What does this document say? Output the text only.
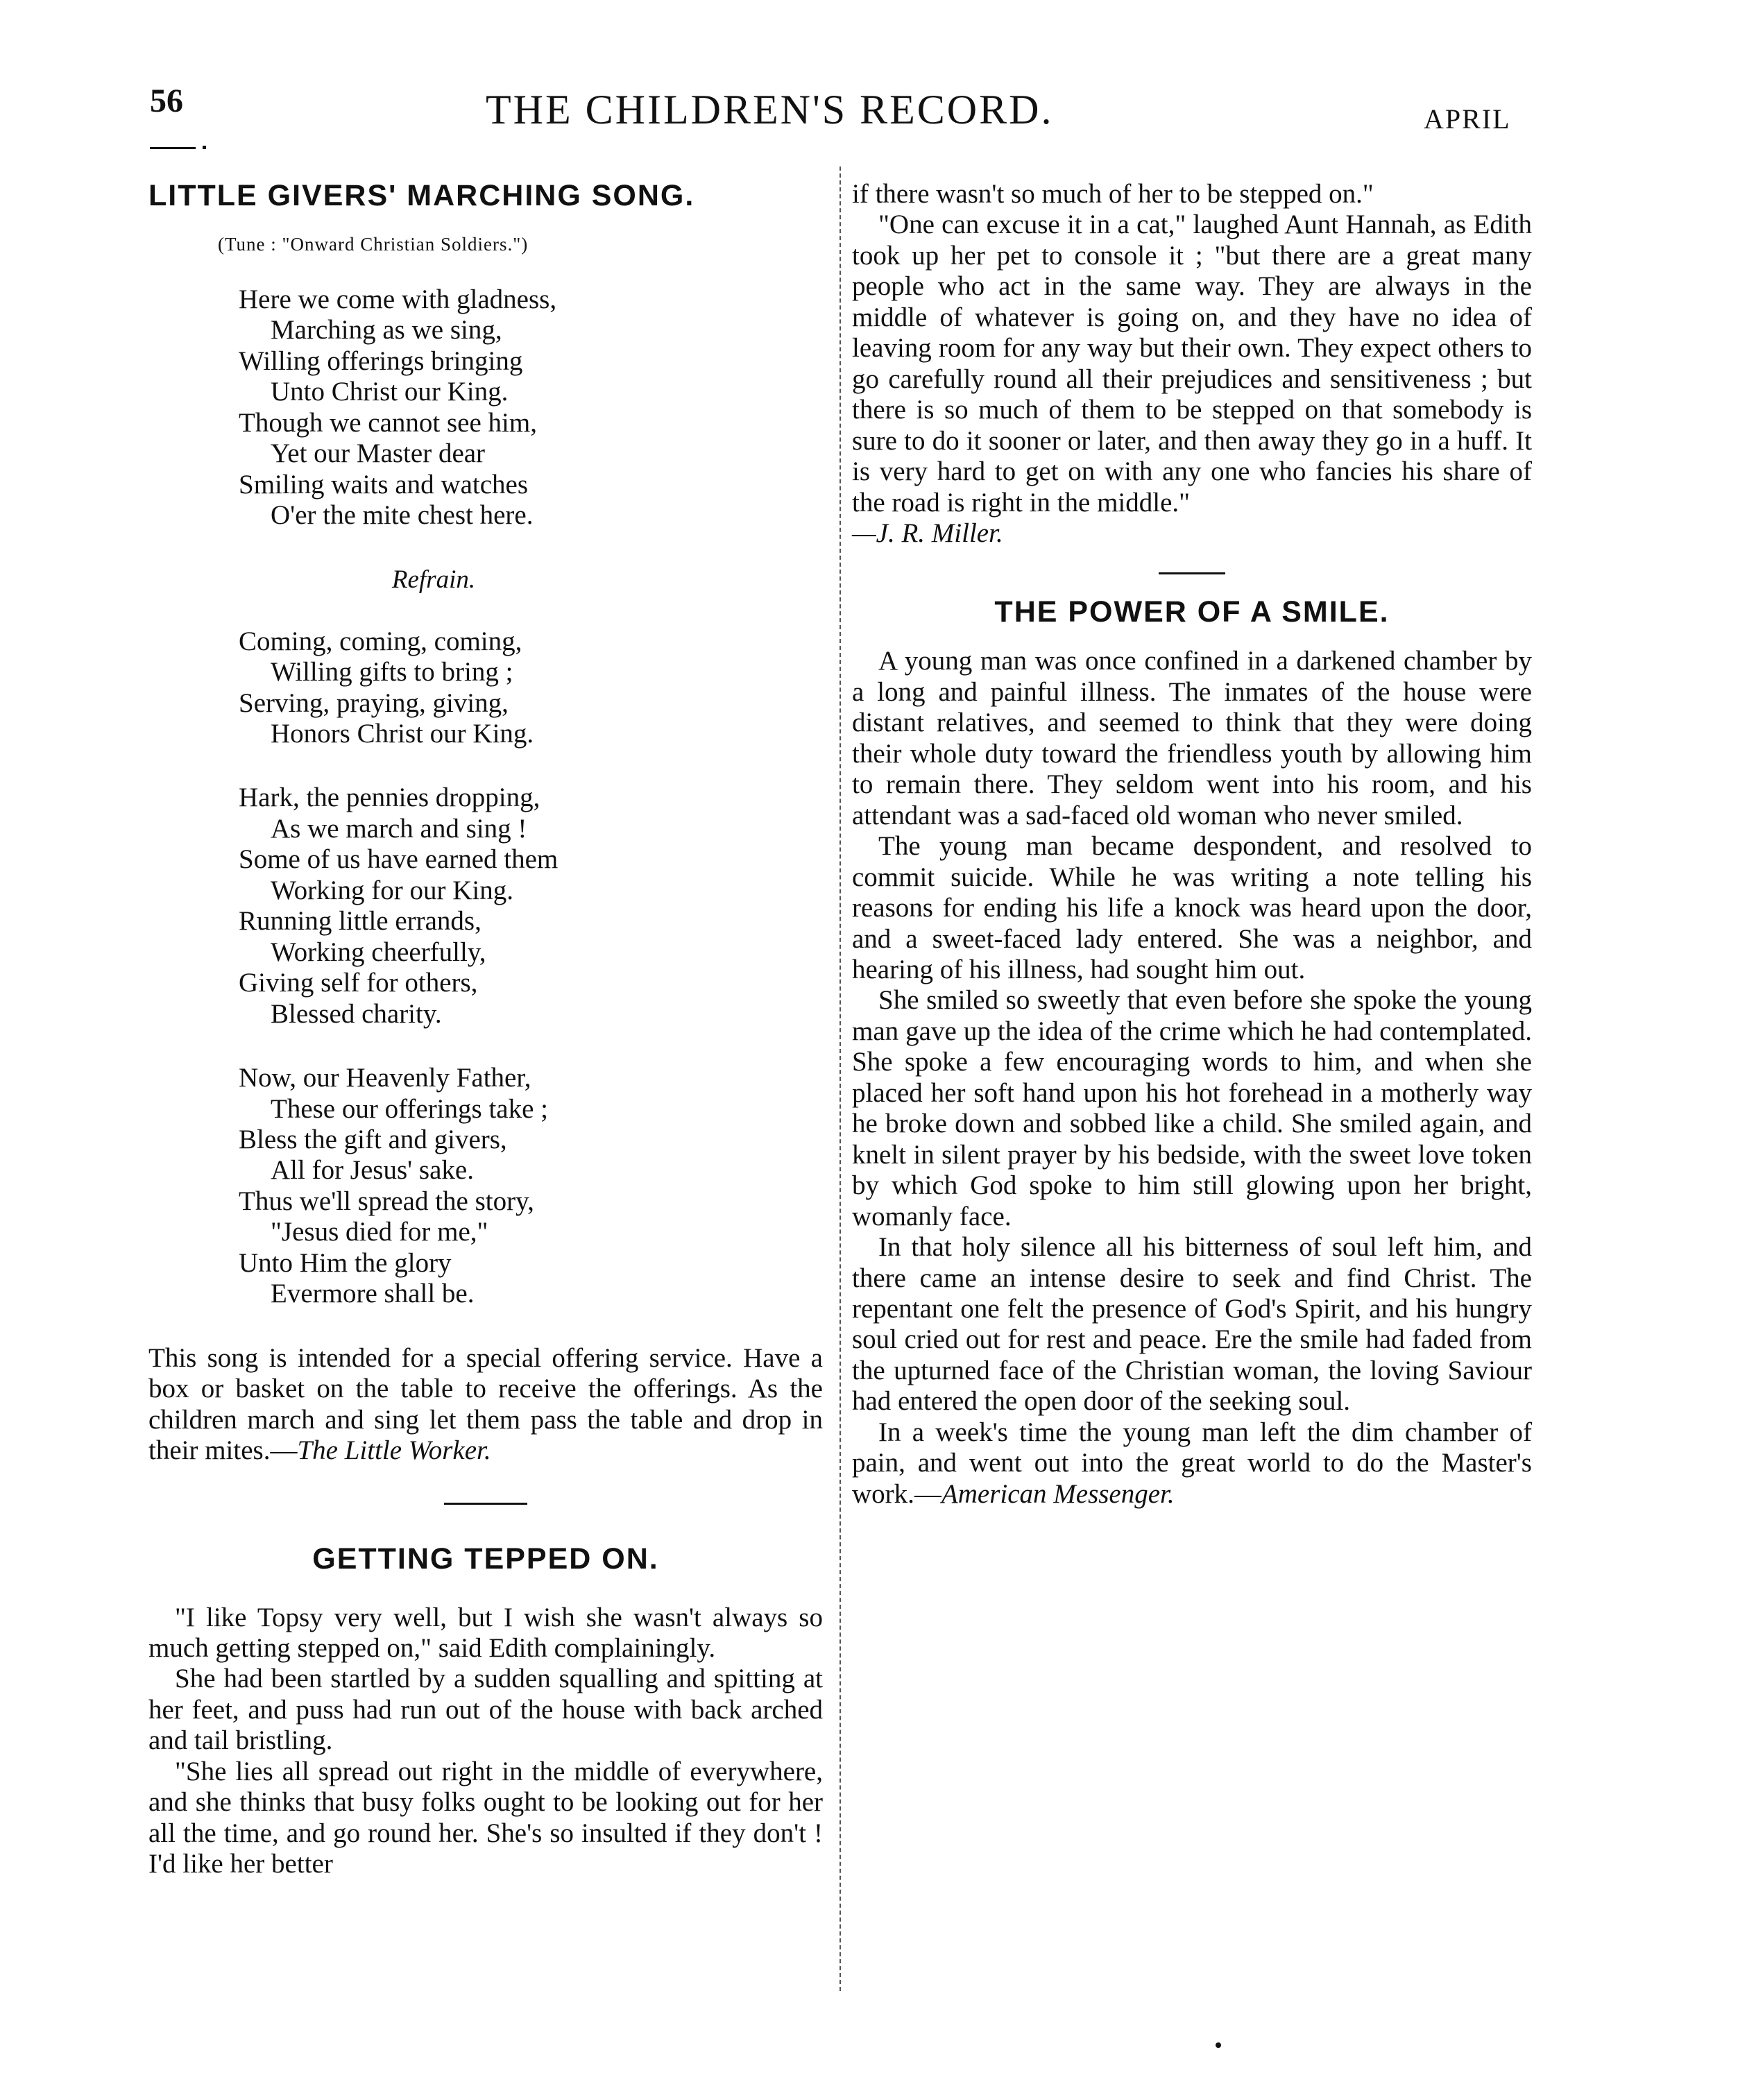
56	THE CHILDREN'S RECORD.	APRIL
LITTLE GIVERS' MARCHING SONG.
(Tune : "Onward Christian Soldiers.")
Here we come with gladness,
Marching as we sing,
Willing offerings bringing
Unto Christ our King.
Though we cannot see him,
Yet our Master dear
Smiling waits and watches
O'er the mite chest here.
Refrain.
Coming, coming, coming,
Willing gifts to bring ;
Serving, praying, giving,
Honors Christ our King.
Hark, the pennies dropping,
As we march and sing !
Some of us have earned them
Working for our King.
Running little errands,
Working cheerfully,
Giving self for others,
Blessed charity.
Now, our Heavenly Father,
These our offerings take ;
Bless the gift and givers,
All for Jesus' sake.
Thus we'll spread the story,
"Jesus died for me,"
Unto Him the glory
Evermore shall be.

This song is intended for a special offering service. Have a box or basket on the table to receive the offerings. As the children march and sing let them pass the table and drop in their mites.—The Little Worker.

GETTING TEPPED ON.

"I like Topsy very well, but I wish she wasn't always so much getting stepped on," said Edith complainingly.

She had been startled by a sudden squalling and spitting at her feet, and puss had run out of the house with back arched and tail bristling.

"She lies all spread out right in the middle of everywhere, and she thinks that busy folks ought to be looking out for her all the time, and go round her. She's so insulted if they don't ! I'd like her better

if there wasn't so much of her to be stepped on."

"One can excuse it in a cat," laughed Aunt Hannah, as Edith took up her pet to console it ; "but there are a great many people who act in the same way. They are always in the middle of whatever is going on, and they have no idea of leaving room for any way but their own. They expect others to go carefully round all their prejudices and sensitiveness ; but there is so much of them to be stepped on that somebody is sure to do it sooner or later, and then away they go in a huff. It is very hard to get on with any one who fancies his share of the road is right in the middle."

—J. R. Miller.

THE POWER OF A SMILE.

A young man was once confined in a darkened chamber by a long and painful illness. The inmates of the house were distant relatives, and seemed to think that they were doing their whole duty toward the friendless youth by allowing him to remain there. They seldom went into his room, and his attendant was a sad-faced old woman who never smiled.

The young man became despondent, and resolved to commit suicide. While he was writing a note telling his reasons for ending his life a knock was heard upon the door, and a sweet-faced lady entered. She was a neighbor, and hearing of his illness, had sought him out.

She smiled so sweetly that even before she spoke the young man gave up the idea of the crime which he had contemplated. She spoke a few encouraging words to him, and when she placed her soft hand upon his hot forehead in a motherly way he broke down and sobbed like a child. She smiled again, and knelt in silent prayer by his bedside, with the sweet love token by which God spoke to him still glowing upon her bright, womanly face.

In that holy silence all his bitterness of soul left him, and there came an intense desire to seek and find Christ. The repentant one felt the presence of God's Spirit, and his hungry soul cried out for rest and peace. Ere the smile had faded from the upturned face of the Christian woman, the loving Saviour had entered the open door of the seeking soul.

In a week's time the young man left the dim chamber of pain, and went out into the great world to do the Master's work.—American Messenger.
